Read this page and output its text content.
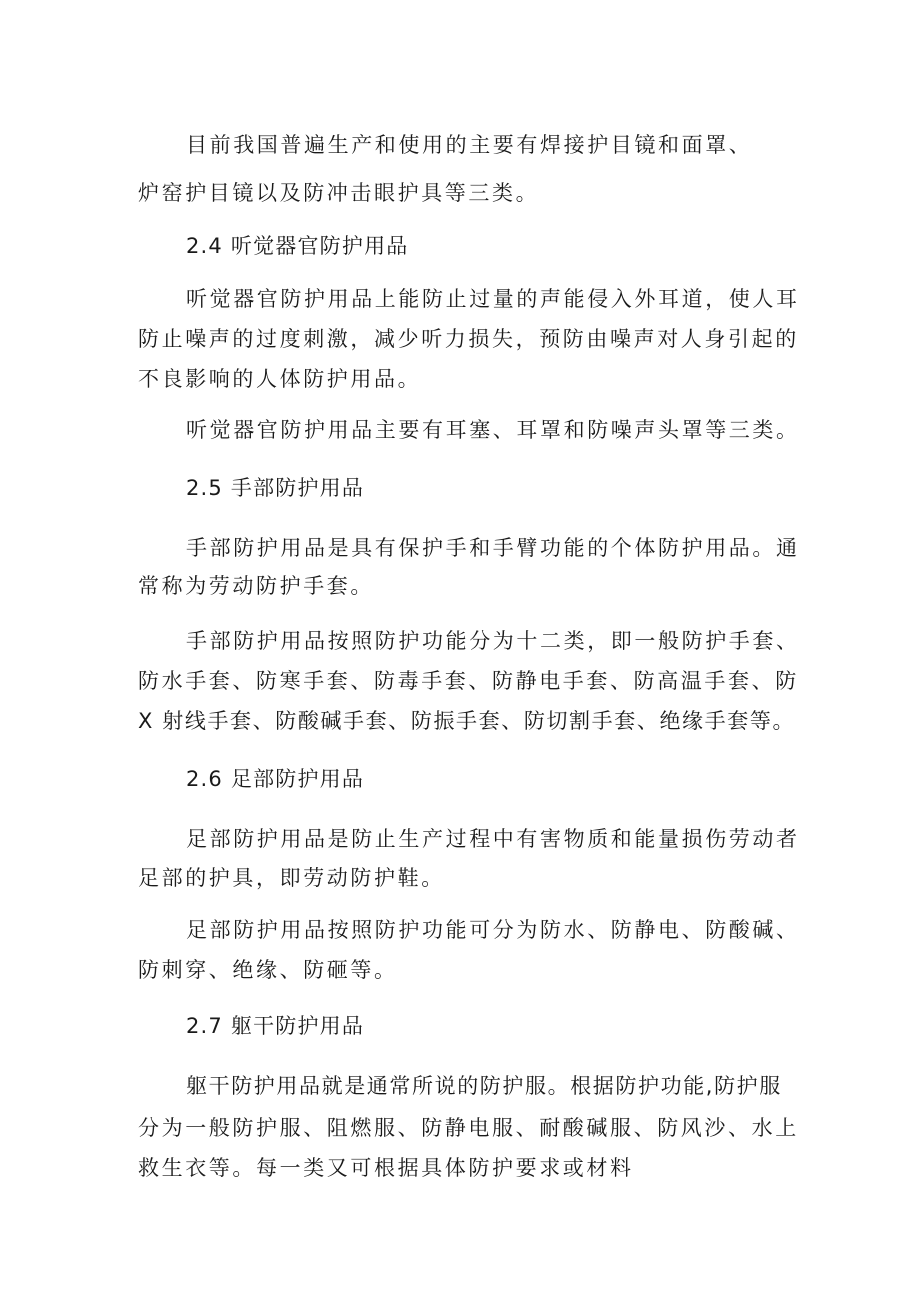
目前我国普遍生产和使用的主要有焊接护目镜和面罩、
炉窑护目镜以及防冲击眼护具等三类。
2.4 听觉器官防护用品
听觉器官防护用品上能防止过量的声能侵入外耳道，使人耳
防止噪声的过度刺激，减少听力损失，预防由噪声对人身引起的
不良影响的人体防护用品。
听觉器官防护用品主要有耳塞、耳罩和防噪声头罩等三类。
2.5 手部防护用品
手部防护用品是具有保护手和手臂功能的个体防护用品。通
常称为劳动防护手套。
手部防护用品按照防护功能分为十二类，即一般防护手套、
防水手套、防寒手套、防毒手套、防静电手套、防高温手套、防
X 射线手套、防酸碱手套、防振手套、防切割手套、绝缘手套等。
2.6 足部防护用品
足部防护用品是防止生产过程中有害物质和能量损伤劳动者
足部的护具，即劳动防护鞋。
足部防护用品按照防护功能可分为防水、防静电、防酸碱、
防刺穿、绝缘、防砸等。
2.7 躯干防护用品
躯干防护用品就是通常所说的防护服。根据防护功能,防护服
分为一般防护服、阻燃服、防静电服、耐酸碱服、防风沙、水上
救生衣等。每一类又可根据具体防护要求或材料
